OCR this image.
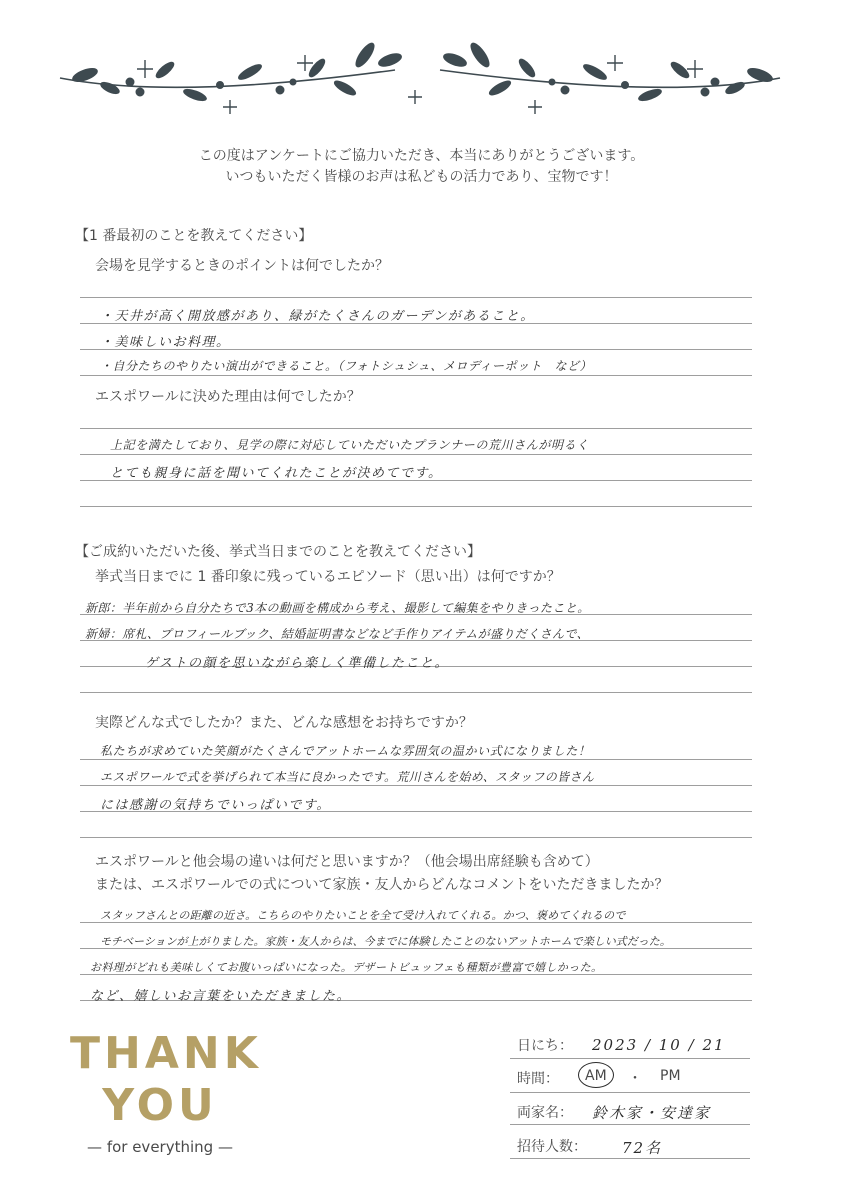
この度はアンケートにご協力いただき、本当にありがとうございます。
いつもいただく皆様のお声は私どもの活力であり、宝物です！
【1 番最初のことを教えてください】
会場を見学するときのポイントは何でしたか？
・天井が高く開放感があり、緑がたくさんのガーデンがあること。
・美味しいお料理。
・自分たちのやりたい演出ができること。（フォトシュシュ、メロディーポット　など）
エスポワールに決めた理由は何でしたか？
上記を満たしており、見学の際に対応していただいたプランナーの荒川さんが明るく
とても親身に話を聞いてくれたことが決めてです。
【ご成約いただいた後、挙式当日までのことを教えてください】
挙式当日までに 1 番印象に残っているエピソード（思い出）は何ですか？
新郎：半年前から自分たちで3本の動画を構成から考え、撮影して編集をやりきったこと。
新婦：席札、プロフィールブック、結婚証明書などなど手作りアイテムが盛りだくさんで、
ゲストの顔を思いながら楽しく準備したこと。
実際どんな式でしたか？また、どんな感想をお持ちですか？
私たちが求めていた笑顔がたくさんでアットホームな雰囲気の温かい式になりました！
エスポワールで式を挙げられて本当に良かったです。荒川さんを始め、スタッフの皆さん
には感謝の気持ちでいっぱいです。
エスポワールと他会場の違いは何だと思いますか？（他会場出席経験も含めて）
または、エスポワールでの式について家族・友人からどんなコメントをいただきましたか？
スタッフさんとの距離の近さ。こちらのやりたいことを全て受け入れてくれる。かつ、褒めてくれるので
モチベーションが上がりました。家族・友人からは、今までに体験したことのないアットホームで楽しい式だった。
お料理がどれも美味しくてお腹いっぱいになった。デザートビュッフェも種類が豊富で嬉しかった。
など、嬉しいお言葉をいただきました。
THANK
YOU
— for everything —
日にち： 2023 / 10 / 21
時間： AM ・ PM
両家名： 鈴木家・安達家
招待人数： 72名
